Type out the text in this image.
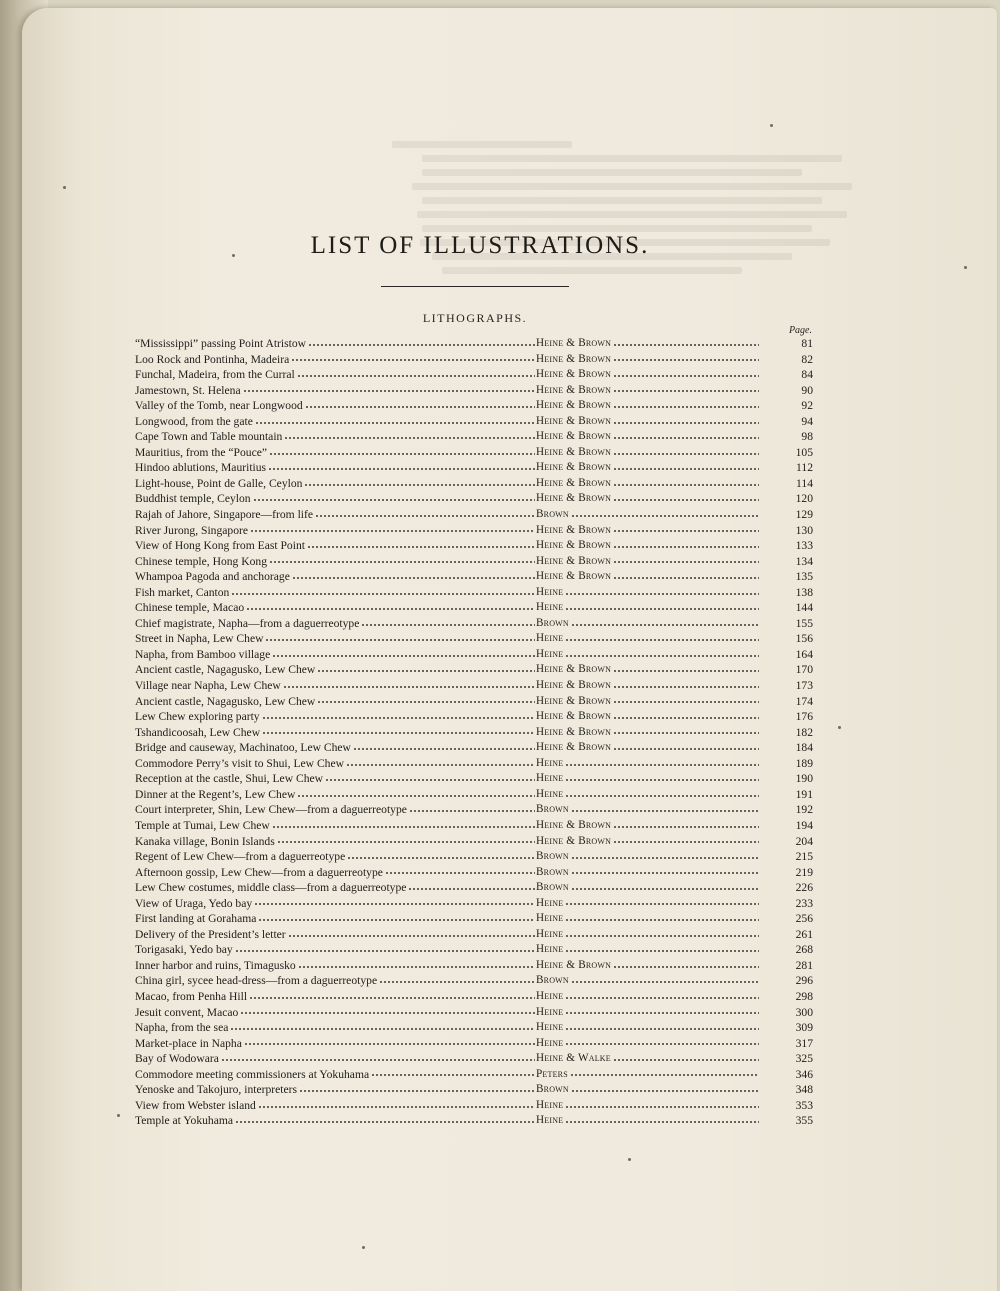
LIST OF ILLUSTRATIONS.
LITHOGRAPHS.
Page.
“Mississippi” passing Point Atristow	Heine & Brown	81
Loo Rock and Pontinha, Madeira	Heine & Brown	82
Funchal, Madeira, from the Curral	Heine & Brown	84
Jamestown, St. Helena	Heine & Brown	90
Valley of the Tomb, near Longwood	Heine & Brown	92
Longwood, from the gate	Heine & Brown	94
Cape Town and Table mountain	Heine & Brown	98
Mauritius, from the “Pouce”	Heine & Brown	105
Hindoo ablutions, Mauritius	Heine & Brown	112
Light-house, Point de Galle, Ceylon	Heine & Brown	114
Buddhist temple, Ceylon	Heine & Brown	120
Rajah of Jahore, Singapore—from life	Brown	129
River Jurong, Singapore	Heine & Brown	130
View of Hong Kong from East Point	Heine & Brown	133
Chinese temple, Hong Kong	Heine & Brown	134
Whampoa Pagoda and anchorage	Heine & Brown	135
Fish market, Canton	Heine	138
Chinese temple, Macao	Heine	144
Chief magistrate, Napha—from a daguerreotype	Brown	155
Street in Napha, Lew Chew	Heine	156
Napha, from Bamboo village	Heine	164
Ancient castle, Nagagusko, Lew Chew	Heine & Brown	170
Village near Napha, Lew Chew	Heine & Brown	173
Ancient castle, Nagagusko, Lew Chew	Heine & Brown	174
Lew Chew exploring party	Heine & Brown	176
Tshandicoosah, Lew Chew	Heine & Brown	182
Bridge and causeway, Machinatoo, Lew Chew	Heine & Brown	184
Commodore Perry’s visit to Shui, Lew Chew	Heine	189
Reception at the castle, Shui, Lew Chew	Heine	190
Dinner at the Regent’s, Lew Chew	Heine	191
Court interpreter, Shin, Lew Chew—from a daguerreotype	Brown	192
Temple at Tumai, Lew Chew	Heine & Brown	194
Kanaka village, Bonin Islands	Heine & Brown	204
Regent of Lew Chew—from a daguerreotype	Brown	215
Afternoon gossip, Lew Chew—from a daguerreotype	Brown	219
Lew Chew costumes, middle class—from a daguerreotype	Brown	226
View of Uraga, Yedo bay	Heine	233
First landing at Gorahama	Heine	256
Delivery of the President’s letter	Heine	261
Torigasaki, Yedo bay	Heine	268
Inner harbor and ruins, Timagusko	Heine & Brown	281
China girl, sycee head-dress—from a daguerreotype	Brown	296
Macao, from Penha Hill	Heine	298
Jesuit convent, Macao	Heine	300
Napha, from the sea	Heine	309
Market-place in Napha	Heine	317
Bay of Wodowara	Heine & Walke	325
Commodore meeting commissioners at Yokuhama	Peters	346
Yenoske and Takojuro, interpreters	Brown	348
View from Webster island	Heine	353
Temple at Yokuhama	Heine	355
